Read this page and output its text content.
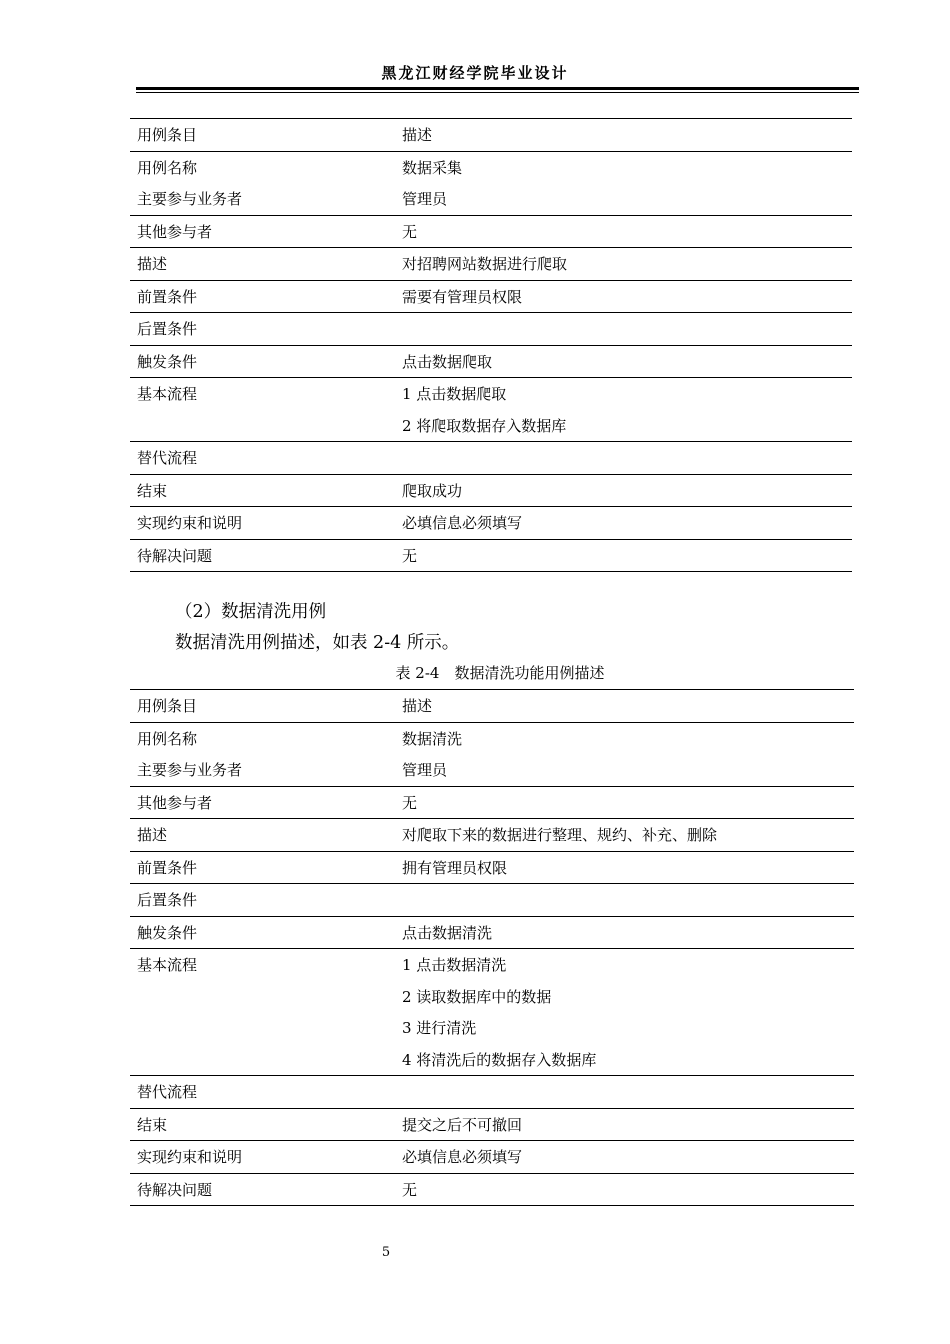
黑龙江财经学院毕业设计
用例条目	描述
用例名称	数据采集
主要参与业务者	管理员
其他参与者	无
描述	对招聘网站数据进行爬取
前置条件	需要有管理员权限
后置条件	
触发条件	点击数据爬取
基本流程	1 点击数据爬取
	2 将爬取数据存入数据库
替代流程	
结束	爬取成功
实现约束和说明	必填信息必须填写
待解决问题	无
（2）数据清洗用例
数据清洗用例描述，如表 2-4 所示。
表 2-4　数据清洗功能用例描述
用例条目	描述
用例名称	数据清洗
主要参与业务者	管理员
其他参与者	无
描述	对爬取下来的数据进行整理、规约、补充、删除
前置条件	拥有管理员权限
后置条件	
触发条件	点击数据清洗
基本流程	1 点击数据清洗
	2 读取数据库中的数据
	3 进行清洗
	4 将清洗后的数据存入数据库
替代流程	
结束	提交之后不可撤回
实现约束和说明	必填信息必须填写
待解决问题	无
5
